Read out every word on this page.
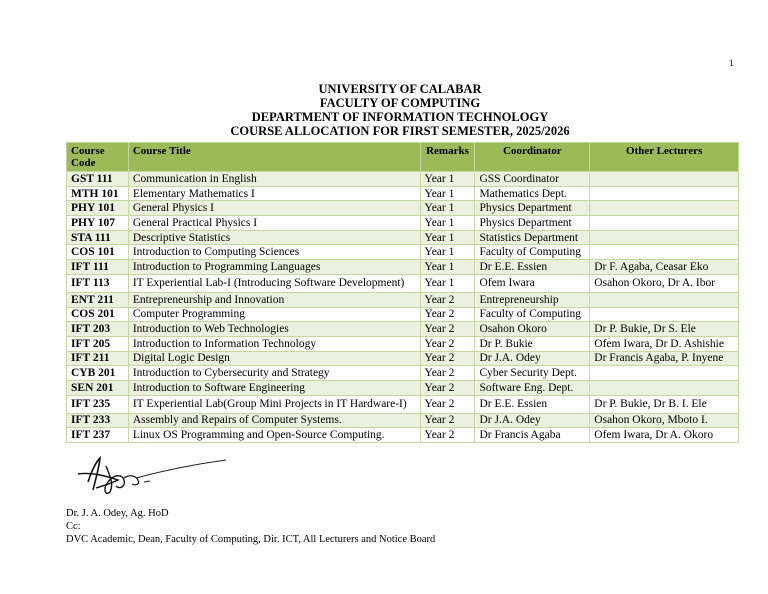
1
UNIVERSITY OF CALABAR
FACULTY OF COMPUTING
DEPARTMENT OF INFORMATION TECHNOLOGY
COURSE ALLOCATION FOR FIRST SEMESTER, 2025/2026
Course Code	Course Title	Remarks	Coordinator	Other Lecturers
GST 111	Communication in English	Year 1	GSS Coordinator	
MTH 101	Elementary Mathematics I	Year 1	Mathematics Dept.	
PHY 101	General Physics I	Year 1	Physics Department	
PHY 107	General Practical Physics I	Year 1	Physics Department	
STA 111	Descriptive Statistics	Year 1	Statistics Department	
COS 101	Introduction to Computing Sciences	Year 1	Faculty of Computing	
IFT 111	Introduction to Programming Languages	Year 1	Dr E.E. Essien	Dr F. Agaba, Ceasar Eko
IFT 113	IT Experiential Lab-I (Introducing Software Development)	Year 1	Ofem Iwara	Osahon Okoro, Dr A. Ibor
ENT 211	Entrepreneurship and Innovation	Year 2	Entrepreneurship	
COS 201	Computer Programming	Year 2	Faculty of Computing	
IFT 203	Introduction to Web Technologies	Year 2	Osahon Okoro	Dr P. Bukie, Dr S. Ele
IFT 205	Introduction to Information Technology	Year 2	Dr P. Bukie	Ofem Iwara, Dr D. Ashishie
IFT 211	Digital Logic Design	Year 2	Dr J.A. Odey	Dr Francis Agaba, P. Inyene
CYB 201	Introduction to Cybersecurity and Strategy	Year 2	Cyber Security Dept.	
SEN 201	Introduction to Software Engineering	Year 2	Software Eng. Dept.	
IFT 235	IT Experiential Lab(Group Mini Projects in IT Hardware-I)	Year 2	Dr E.E. Essien	Dr P. Bukie, Dr B. I. Ele
IFT 233	Assembly and Repairs of Computer Systems.	Year 2	Dr J.A. Odey	Osahon Okoro, Mboto I.
IFT 237	Linux OS Programming and Open-Source Computing.	Year 2	Dr Francis Agaba	Ofem Iwara, Dr A. Okoro
Dr. J. A. Odey, Ag. HoD
Cc:
DVC Academic, Dean, Faculty of Computing, Dir. ICT, All Lecturers and Notice Board
